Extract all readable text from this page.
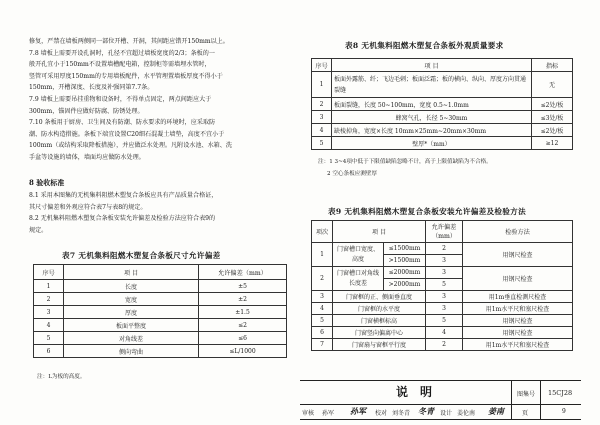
修复，严禁在墙板两侧同一部位开槽、开洞，其间距应错开150mm以上。

7.8 墙板上需要开设孔洞时，孔径不宜超过墙板宽度的2/3；条板的一

般开孔宜小于150mm不设置墙槽配电箱，控制柜等需墙埋水管时，

竖管可采用厚度150mm的专用墙板配件，水平管埋置墙板厚度不得小于

150mm，开槽深度、长度及补强同第7.7条。

7.9 墙板上需要吊挂重物和设备时，不得单点固定，两点间距应大于

300mm，锚固件应做好防腐、防锈处理。

7.10 条板用于厨房、卫生间及有防潮、防水要求的环境时，应采取防

潮、防水构造措施。条板下端宜设置C20细石混凝土墙垫，高度不宜小于

100mm（或结构采取降板措施），并应做泛水处理。凡附设水池、水箱、洗

手盆等设施的墙体，墙面均应做防水处理。

8 验收标准

8.1 采用本图集的无机集料阻燃木塑复合条板应具有产品质量合格证，

其尺寸偏差和外观应符合表7与表8的规定。

8.2 无机集料阻燃木塑复合条板安装允许偏差及检验方法应符合表9的

规定。

表7 无机集料阻燃木塑复合条板尺寸允许偏差
序号	项 目	允许偏差（mm）
1	长度	±5
2	宽度	±2
3	厚度	±1.5
4	板面平整度	≤2
5	对角线差	≤6
6	侧向弯曲	≤L/1000
注：L为板的高度。
表8 无机集料阻燃木塑复合条板外观质量要求
序号	项 目	指标
1	板面外露筋、纤；飞边毛刺；板面泛霜；板的横向、纵向、厚度方向贯通裂缝	无
2	板面裂缝，长度 50~100mm，宽度 0.5~1.0mm	≤2处/板
3	蜂窝气孔，长径 5~30mm	≤3处/板
4	缺棱掉角，宽度×长度 10mm×25mm~20mm×30mm	≤2处/板
5	壁厚*（mm）	≥12
注：1 3~4项中低于下限值缺陷忽略不计，高于上限值缺陷为不合格。
2 空心条板应测壁厚
表9 无机集料阻燃木塑复合条板安装允许偏差及检验方法
项次	项 目		允许偏差（mm）	检验方法
1	门窗槽口宽度、高度	≤1500mm	2	用钢尺检查
		>1500mm	3	
2	门窗槽口对角线长度差	≤2000mm	3	用钢尺检查
		>2000mm	5	
3	门窗框的正、侧面垂直度		3	用1m垂直检测尺检查
4	门窗框的水平度		3	用1m水平尺和塞尺检查
5	门窗横框标高		5	用钢尺检查
6	门窗竖向偏离中心		4	用钢尺检查
7	门窗扇与窗框平行度		2	用1m水平尺和塞尺检查
说明	图集号 15CJ28
审核 孙军 孙军 校对 刘冬青 冬青 设计 姜伦南 姜南	页	9
